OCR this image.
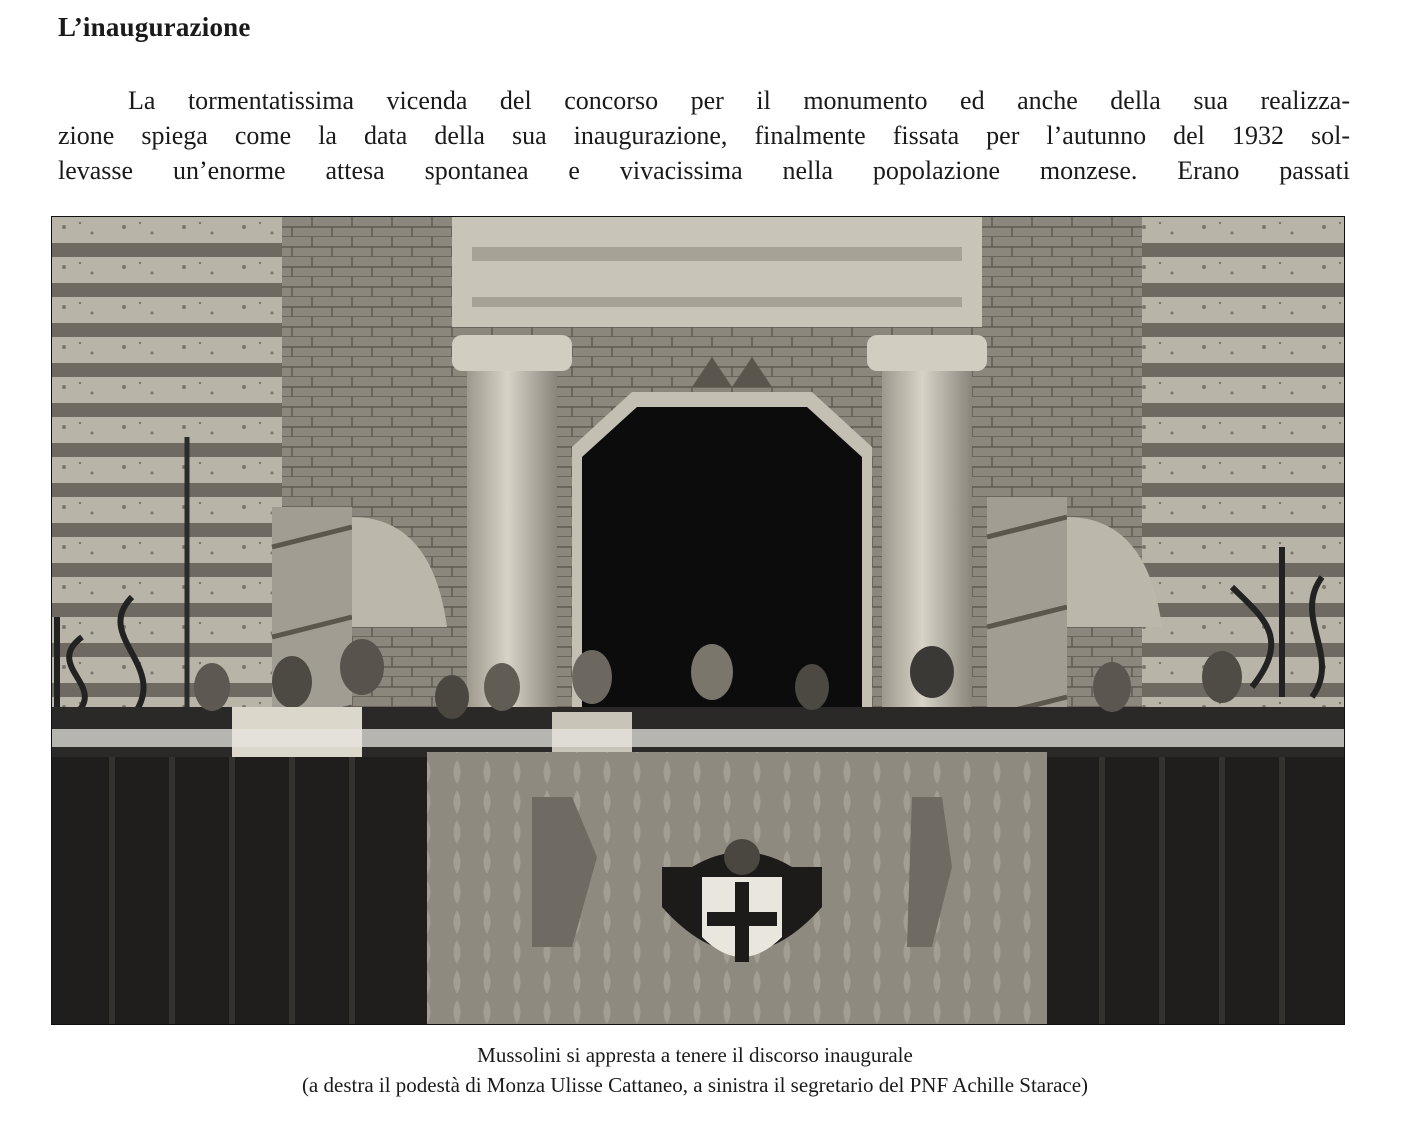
L’inaugurazione

La tormentatissima vicenda del concorso per il monumento ed anche della sua realizza-
zione spiega come la data della sua inaugurazione, finalmente fissata per l’autunno del 1932 sol-
levasse un’enorme attesa spontanea e vivacissima nella popolazione monzese. Erano passati

Mussolini si appresta a tenere il discorso inaugurale
(a destra il podestà di Monza Ulisse Cattaneo, a sinistra il segretario del PNF Achille Starace)
